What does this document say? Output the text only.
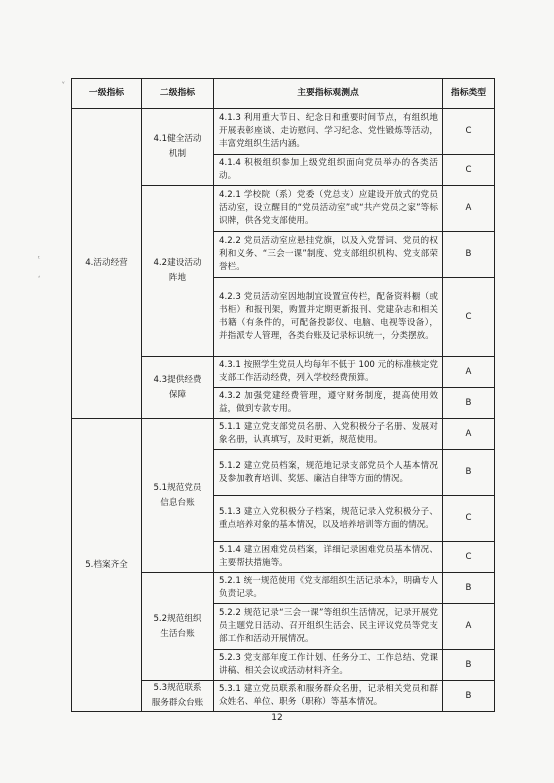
ᵛ
ᵗ
ʻ
一级指标	二级指标	主要指标观测点	指标类型
4.活动经营	4.1健全活动机制	4.1.3 利用重大节日、纪念日和重要时间节点，有组织地开展表彰座谈、走访慰问、学习纪念、党性锻炼等活动，丰富党组织生活内涵。	C
		4.1.4 积极组织参加上级党组织面向党员举办的各类活动。	C
	4.2建设活动阵地	4.2.1 学校院（系）党委（党总支）应建设开放式的党员活动室，设立醒目的“党员活动室”或“共产党员之家”等标识牌，供各党支部使用。	A
		4.2.2 党员活动室应悬挂党旗，以及入党誓词、党员的权利和义务、“三会一课”制度、党支部组织机构、党支部荣誉栏。	B
		4.2.3 党员活动室因地制宜设置宣传栏，配备资料橱（或书柜）和报刊架，购置并定期更新报刊、党建杂志和相关书籍（有条件的，可配备投影仪、电脑、电视等设备），并指派专人管理，各类台账及记录标识统一，分类摆放。	C
	4.3提供经费保障	4.3.1 按照学生党员人均每年不低于 100 元的标准核定党支部工作活动经费，列入学校经费预算。	A
		4.3.2 加强党建经费管理，遵守财务制度，提高使用效益，做到专款专用。	B
5.档案齐全	5.1规范党员信息台账	5.1.1 建立党支部党员名册、入党积极分子名册、发展对象名册，认真填写，及时更新，规范使用。	A
		5.1.2 建立党员档案，规范地记录支部党员个人基本情况及参加教育培训、奖惩、廉洁自律等方面的情况。	B
		5.1.3 建立入党积极分子档案，规范记录入党积极分子、重点培养对象的基本情况，以及培养培训等方面的情况。	C
		5.1.4 建立困难党员档案，详细记录困难党员基本情况、主要帮扶措施等。	C
	5.2规范组织生活台账	5.2.1 统一规范使用《党支部组织生活记录本》，明确专人负责记录。	B
		5.2.2 规范记录“三会一课”等组织生活情况，记录开展党员主题党日活动、召开组织生活会、民主评议党员等党支部工作和活动开展情况。	A
		5.2.3 党支部年度工作计划、任务分工、工作总结、党课讲稿、相关会议或活动材料齐全。	B
	5.3规范联系服务群众台账	5.3.1 建立党员联系和服务群众名册，记录相关党员和群众姓名、单位、职务（职称）等基本情况。	B
12
